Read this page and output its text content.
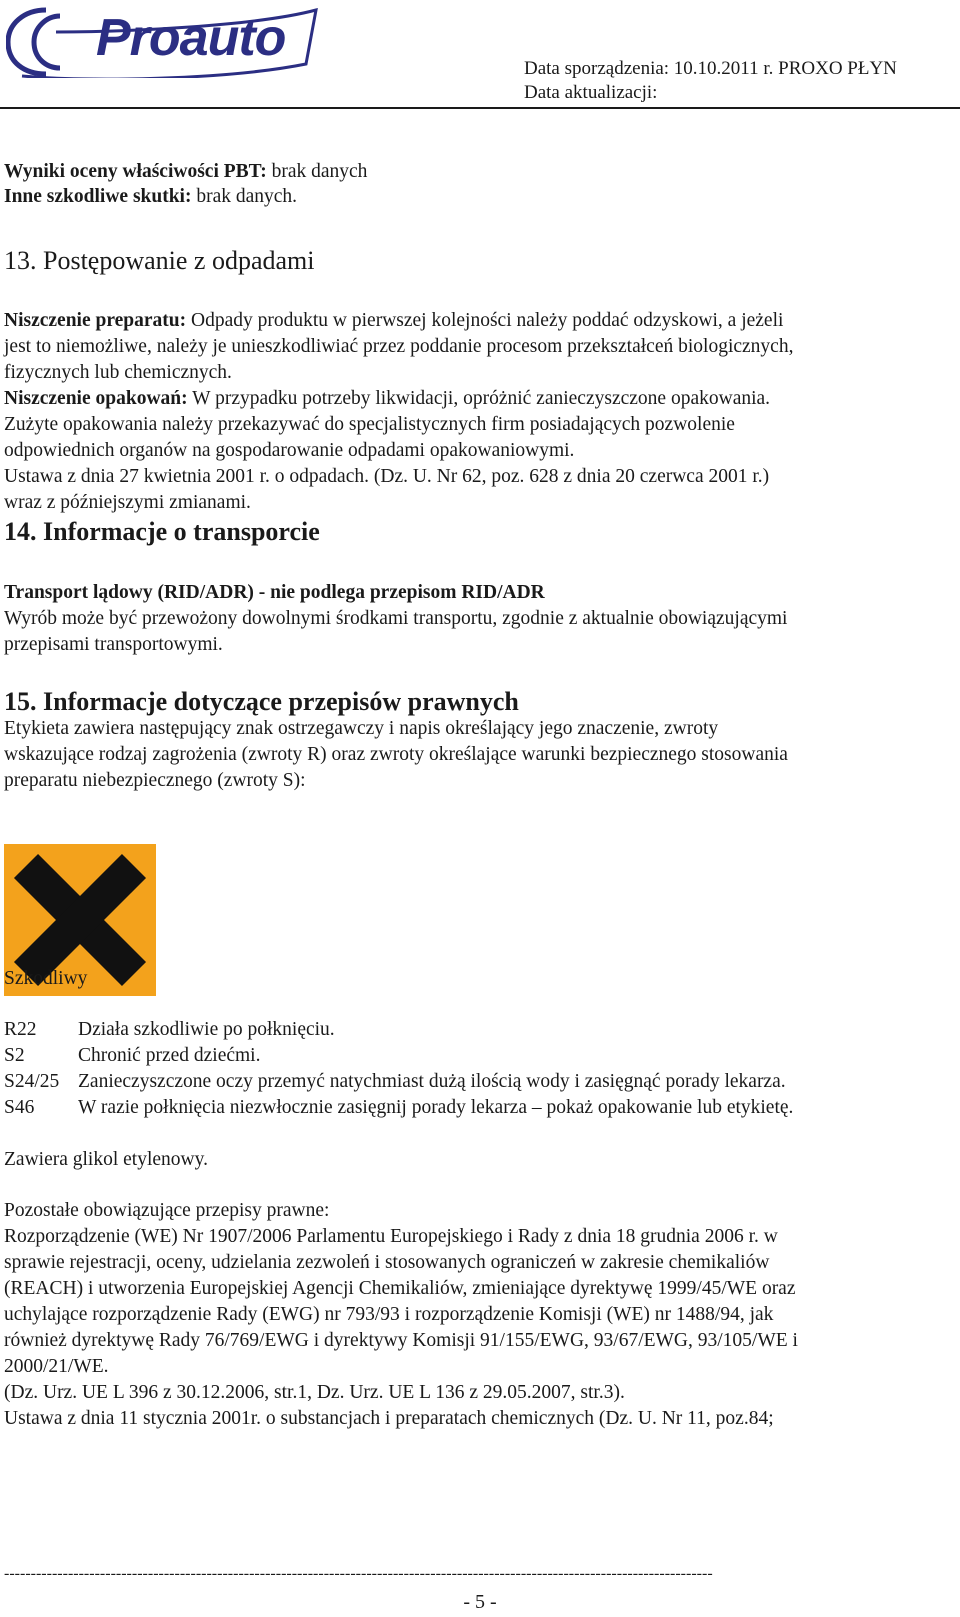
Proauto
Data sporządzenia: 10.10.2011 r. PROXO PŁYN
Data aktualizacji:
Wyniki oceny właściwości PBT: brak danych
Inne szkodliwe skutki: brak danych.
13. Postępowanie z odpadami
Niszczenie preparatu: Odpady produktu w pierwszej kolejności należy poddać odzyskowi, a jeżeli
jest to niemożliwe, należy je unieszkodliwiać przez poddanie procesom przekształceń biologicznych,
fizycznych lub chemicznych.
Niszczenie opakowań: W przypadku potrzeby likwidacji, opróżnić zanieczyszczone opakowania.
Zużyte opakowania należy przekazywać do specjalistycznych firm posiadających pozwolenie
odpowiednich organów na gospodarowanie odpadami opakowaniowymi.
Ustawa z dnia 27 kwietnia 2001 r. o odpadach. (Dz. U. Nr 62, poz. 628 z dnia 20 czerwca 2001 r.)
wraz z późniejszymi zmianami.
14. Informacje o transporcie
Transport lądowy (RID/ADR) - nie podlega przepisom RID/ADR
Wyrób może być przewożony dowolnymi środkami transportu, zgodnie z aktualnie obowiązującymi
przepisami transportowymi.
15. Informacje dotyczące przepisów prawnych
Etykieta zawiera następujący znak ostrzegawczy i napis określający jego znaczenie, zwroty
wskazujące rodzaj zagrożenia (zwroty R) oraz zwroty określające warunki bezpiecznego stosowania
preparatu niebezpiecznego (zwroty S):
Szkodliwy
R22 Działa szkodliwie po połknięciu.
S2	Chronić przed dziećmi.
S24/25 Zanieczyszczone oczy przemyć natychmiast dużą ilością wody i zasięgnąć porady lekarza.
S46 W razie połknięcia niezwłocznie zasięgnij porady lekarza – pokaż opakowanie lub etykietę.
Zawiera glikol etylenowy.
Pozostałe obowiązujące przepisy prawne:
Rozporządzenie (WE) Nr 1907/2006 Parlamentu Europejskiego i Rady z dnia 18 grudnia 2006 r. w
sprawie rejestracji, oceny, udzielania zezwoleń i stosowanych ograniczeń w zakresie chemikaliów
(REACH) i utworzenia Europejskiej Agencji Chemikaliów, zmieniające dyrektywę 1999/45/WE oraz
uchylające rozporządzenie Rady (EWG) nr 793/93 i rozporządzenie Komisji (WE) nr 1488/94, jak
również dyrektywę Rady 76/769/EWG i dyrektywy Komisji 91/155/EWG, 93/67/EWG, 93/105/WE i
2000/21/WE.
(Dz. Urz. UE L 396 z 30.12.2006, str.1, Dz. Urz. UE L 136 z 29.05.2007, str.3).
Ustawa z dnia 11 stycznia 2001r. o substancjach i preparatach chemicznych (Dz. U. Nr 11, poz.84;
-------------------------------------------------------------------------------------------------------------------------------------
- 5 -
